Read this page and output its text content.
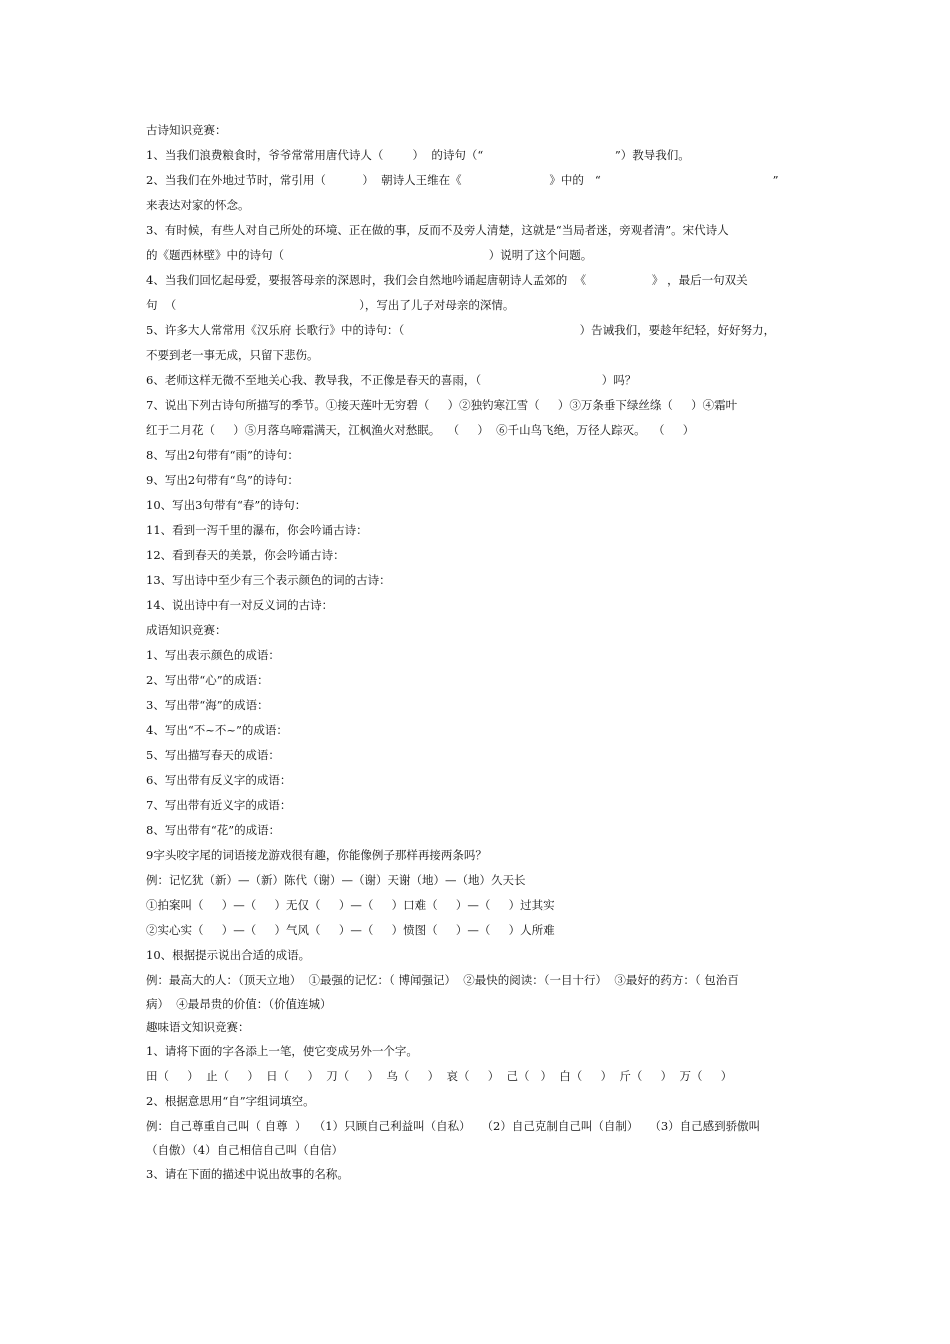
古诗知识竞赛：
1、当我们浪费粮食时，爷爷常常用唐代诗人（        ）  的诗句（“                                    ”）教导我们。
2、当我们在外地过节时，常引用（          ）  朝诗人王维在《                        》中的   “                                               ”
来表达对家的怀念。
3、有时候，有些人对自己所处的环境、正在做的事，反而不及旁人清楚，这就是“当局者迷，旁观者清”。宋代诗人
的《题西林壁》中的诗句（                                                        ）说明了这个问题。
4、当我们回忆起母爱，要报答母亲的深恩时，我们会自然地吟诵起唐朝诗人孟郊的  《                  》 ，最后一句双关
句  （                                                  ），写出了儿子对母亲的深情。
5、许多大人常常用《汉乐府 长歌行》中的诗句：（                                                ）告诫我们，要趁年纪轻，好好努力，
不要到老一事无成，只留下悲伤。
6、老师这样无微不至地关心我、教导我，不正像是春天的喜雨，（                                 ）吗？
7、说出下列古诗句所描写的季节。①接天莲叶无穷碧（     ）②独钓寒江雪（     ）③万条垂下绿丝绦（     ）④霜叶
红于二月花（     ）⑤月落乌啼霜满天，江枫渔火对愁眠。  （     ）  ⑥千山鸟飞绝，万径人踪灭。  （     ）
8、写出2句带有“雨”的诗句：
9、写出2句带有“鸟”的诗句：
10、写出3句带有“春”的诗句：
11、看到一泻千里的瀑布，你会吟诵古诗：
12、看到春天的美景，你会吟诵古诗：
13、写出诗中至少有三个表示颜色的词的古诗：
14、说出诗中有一对反义词的古诗：
成语知识竞赛：
1、写出表示颜色的成语：
2、写出带“心”的成语：
3、写出带“海”的成语：
4、写出“不~不~”的成语：
5、写出描写春天的成语：
6、写出带有反义字的成语：
7、写出带有近义字的成语：
8、写出带有“花”的成语：
9字头咬字尾的词语接龙游戏很有趣，你能像例子那样再接两条吗？
例：记忆犹（新）—（新）陈代（谢）—（谢）天谢（地）—（地）久天长
①拍案叫（     ）—（     ）无仅（     ）—（     ）口难（     ）—（     ）过其实
②实心实（     ）—（     ）气风（     ）—（     ）愤图（     ）—（     ）人所难
10、根据提示说出合适的成语。
例：最高大的人：（顶天立地）  ①最强的记忆：（ 博闻强记）  ②最快的阅读：（一目十行）  ③最好的药方：（ 包治百
病）  ④最昂贵的价值：（价值连城）
趣味语文知识竞赛：
1、请将下面的字各添上一笔，使它变成另外一个字。
田（     ）  止（     ）  日（     ）  刀（     ）  乌（     ）  哀（     ）  己（   ）  白（     ）  斤（     ）  万（     ）
2、根据意思用“自”字组词填空。
例：自己尊重自己叫（ 自尊  ）  （1）只顾自己利益叫（自私）   （2）自己克制自己叫（自制）   （3）自己感到骄傲叫
（自傲）（4）自己相信自己叫（自信）
3、请在下面的描述中说出故事的名称。
